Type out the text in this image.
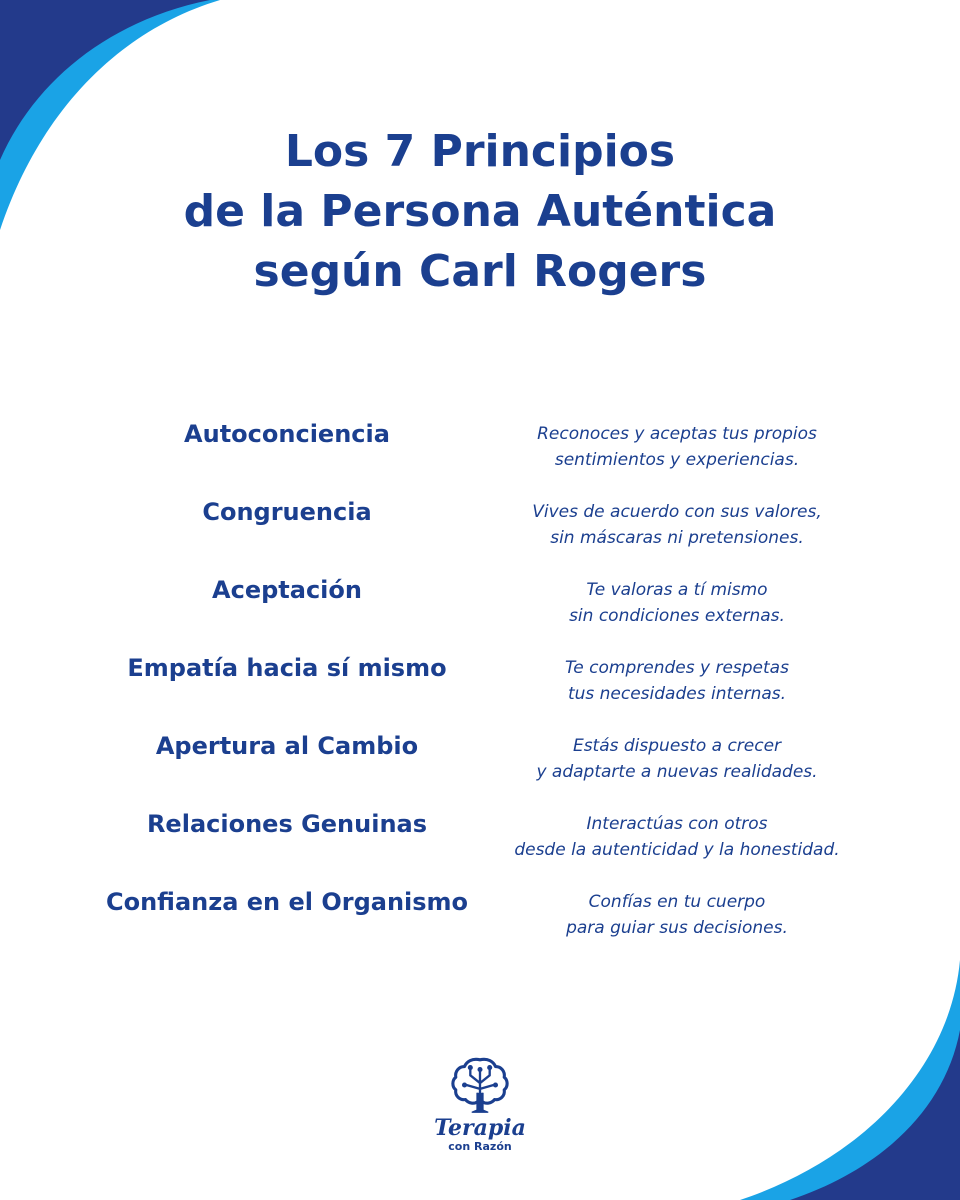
Los 7 Principios
de la Persona Auténtica
según Carl Rogers
Autoconciencia	Reconoces y aceptas tus propios
sentimientos y experiencias.
Congruencia	Vives de acuerdo con sus valores,
sin máscaras ni pretensiones.
Aceptación	Te valoras a tí mismo
sin condiciones externas.
Empatía hacia sí mismo	Te comprendes y respetas
tus necesidades internas.
Apertura al Cambio	Estás dispuesto a crecer
y adaptarte a nuevas realidades.
Relaciones Genuinas	Interactúas con otros
desde la autenticidad y la honestidad.
Confianza en el Organismo	Confías en tu cuerpo
para guiar sus decisiones.
Terapia
con Razón
